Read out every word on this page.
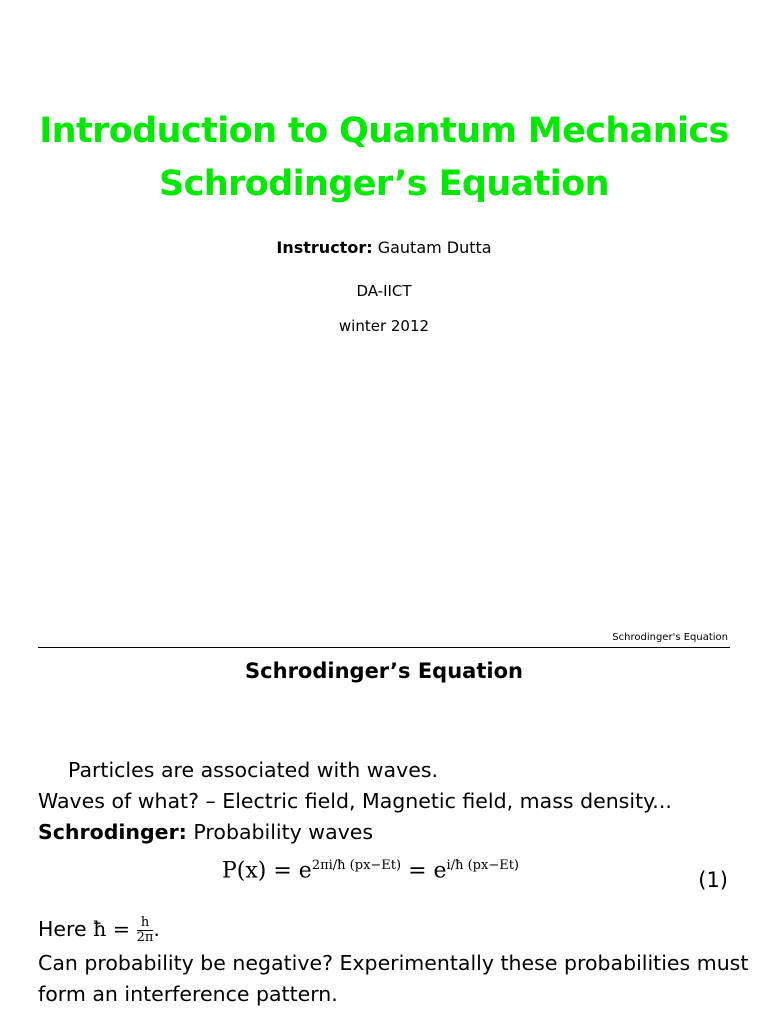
Introduction to Quantum Mechanics
Schrodinger’s Equation
Instructor: Gautam Dutta
DA-IICT
winter 2012
Schrodinger's Equation
Schrodinger’s Equation
Particles are associated with waves.
Waves of what? – Electric field, Magnetic field, mass density...
Schrodinger: Probability waves
$P(x) = e^{2\pi i/ħ (px-Et)} = e^{i/ħ (px-Et)}$
(1)
Here ħ = $\frac{h}{2\pi}$ .
Can probability be negative? Experimentally these probabilities must
form an interference pattern.
